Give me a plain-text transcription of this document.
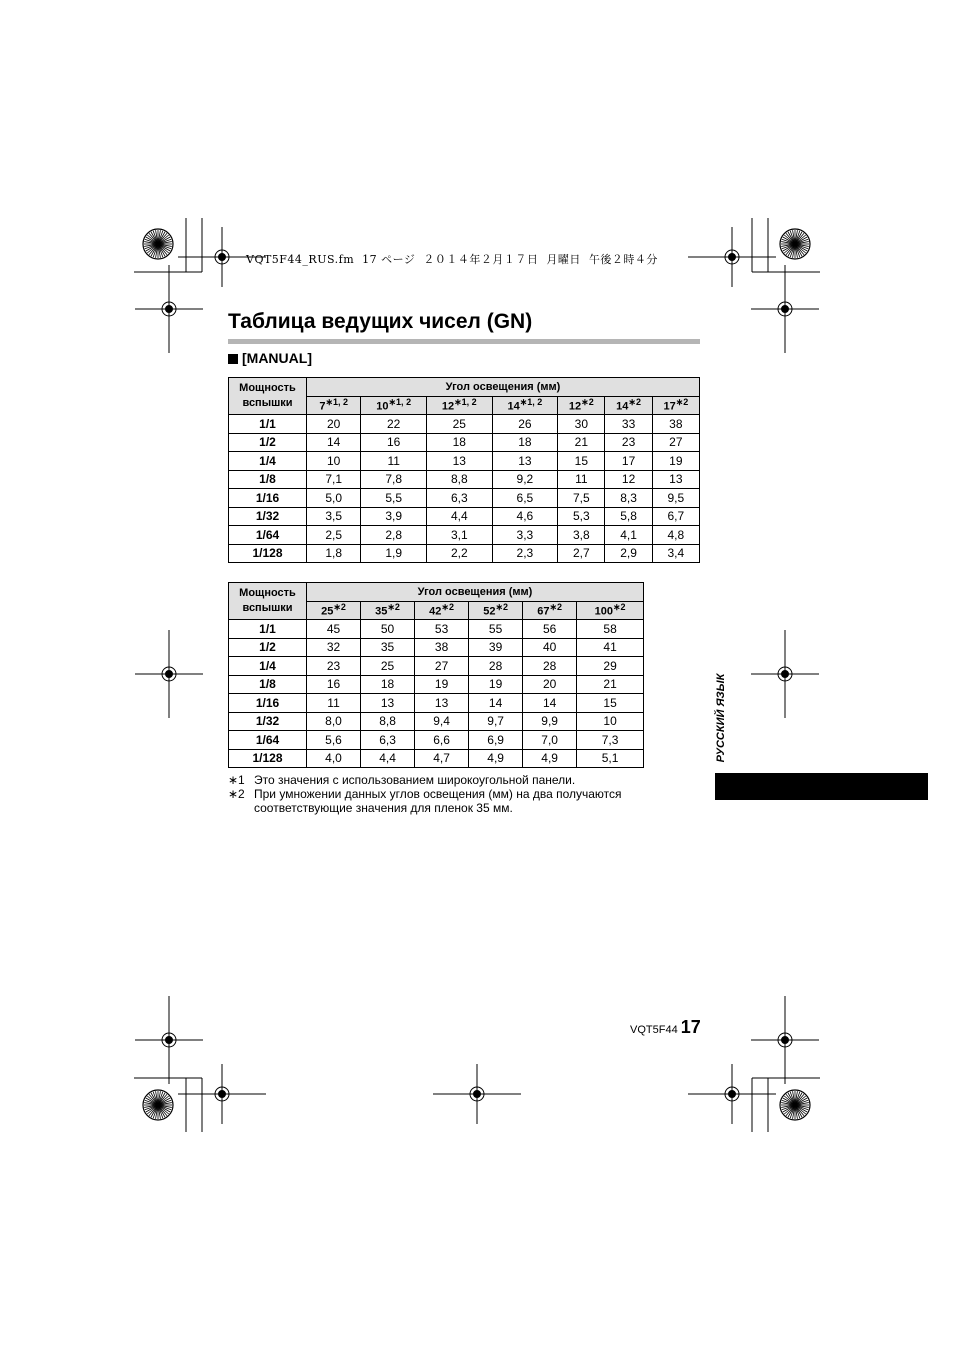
VQT5F44_RUS.fm  17 ページ  ２０１４年２月１７日  月曜日  午後２時４分
Таблица ведущих чисел (GN)
[MANUAL]
Мощность
вспышки	Угол освещения (мм)						
	$7^{∗1, 2}$	$10^{∗1, 2}$	$12^{∗1, 2}$	$14^{∗1, 2}$	$12^{∗2}$	$14^{∗2}$	$17^{∗2}$
1/1	20	22	25	26	30	33	38
1/2	14	16	18	18	21	23	27
1/4	10	11	13	13	15	17	19
1/8	7,1	7,8	8,8	9,2	11	12	13
1/16	5,0	5,5	6,3	6,5	7,5	8,3	9,5
1/32	3,5	3,9	4,4	4,6	5,3	5,8	6,7
1/64	2,5	2,8	3,1	3,3	3,8	4,1	4,8
1/128	1,8	1,9	2,2	2,3	2,7	2,9	3,4
Мощность
вспышки	Угол освещения (мм)					
	$25^{∗2}$	$35^{∗2}$	$42^{∗2}$	$52^{∗2}$	$67^{∗2}$	$100^{∗2}$
1/1	45	50	53	55	56	58
1/2	32	35	38	39	40	41
1/4	23	25	27	28	28	29
1/8	16	18	19	19	20	21
1/16	11	13	13	14	14	15
1/32	8,0	8,8	9,4	9,7	9,9	10
1/64	5,6	6,3	6,6	6,9	7,0	7,3
1/128	4,0	4,4	4,7	4,9	4,9	5,1
∗1 Это значения с использованием широкоугольной панели.
∗2 При умножении данных углов освещения (мм) на два получаются соответствующие значения для пленок 35 мм.
РУССКИЙ ЯЗЫК
VQT5F44 17
